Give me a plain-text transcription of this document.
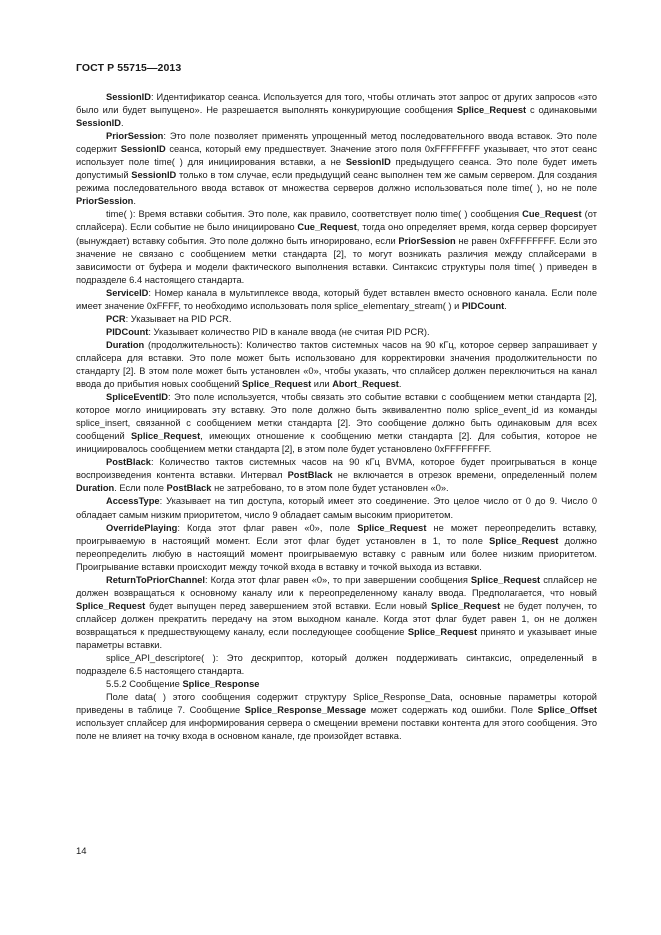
ГОСТ Р 55715—2013

SessionID: Идентификатор сеанса. Используется для того, чтобы отличать этот запрос от других запросов «это было или будет выпущено». Не разрешается выполнять конкурирующие сообщения Splice_Request с одинаковыми SessionID.

PriorSession: Это поле позволяет применять упрощенный метод последовательного ввода вставок. Это поле содержит SessionID сеанса, который ему предшествует. Значение этого поля 0xFFFFFFFF указывает, что этот сеанс использует поле time( ) для инициирования вставки, а не SessionID предыдущего сеанса. Это поле будет иметь допустимый SessionID только в том случае, если предыдущий сеанс выполнен тем же самым сервером. Для создания режима последовательного ввода вставок от множества серверов должно использоваться поле time( ), но не поле PriorSession.

time( ): Время вставки события. Это поле, как правило, соответствует полю time( ) сообщения Cue_Request (от сплайсера). Если событие не было инициировано Cue_Request, тогда оно определяет время, когда сервер форсирует (вынуждает) вставку события. Это поле должно быть игнорировано, если PriorSession не равен 0xFFFFFFFF. Если это значение не связано с сообщением метки стандарта [2], то могут возникать различия между сплайсерами в зависимости от буфера и модели фактического выполнения вставки. Синтаксис структуры поля time( ) приведен в подразделе 6.4 настоящего стандарта.

ServiceID: Номер канала в мультиплексе ввода, который будет вставлен вместо основного канала. Если поле имеет значение 0xFFFF, то необходимо использовать поля splice_elementary_stream( ) и PIDCount.

PCR: Указывает на PID PCR.

PIDCount: Указывает количество PID в канале ввода (не считая PID PCR).

Duration (продолжительность): Количество тактов системных часов на 90 кГц, которое сервер запрашивает у сплайсера для вставки. Это поле может быть использовано для корректировки значения продолжительности по стандарту [2]. В этом поле может быть установлен «0», чтобы указать, что сплайсер должен переключиться на канал ввода до прибытия новых сообщений Splice_Request или Abort_Request.

SpliceEventID: Это поле используется, чтобы связать это событие вставки с сообщением метки стандарта [2], которое могло инициировать эту вставку. Это поле должно быть эквивалентно полю splice_event_id из команды splice_insert, связанной с сообщением метки стандарта [2]. Это сообщение должно быть одинаковым для всех сообщений Splice_Request, имеющих отношение к сообщению метки стандарта [2]. Для события, которое не инициировалось сообщением метки стандарта [2], в этом поле будет установлено 0xFFFFFFFF.

PostBlack: Количество тактов системных часов на 90 кГц BVMA, которое будет проигрываться в конце воспроизведения контента вставки. Интервал PostBlack не включается в отрезок времени, определенный полем Duration. Если поле PostBlack не затребовано, то в этом поле будет установлен «0».

AccessType: Указывает на тип доступа, который имеет это соединение. Это целое число от 0 до 9. Число 0 обладает самым низким приоритетом, число 9 обладает самым высоким приоритетом.

OverridePlaying: Когда этот флаг равен «0», поле Splice_Request не может переопределить вставку, проигрываемую в настоящий момент. Если этот флаг будет установлен в 1, то поле Splice_Request должно переопределить любую в настоящий момент проигрываемую вставку с равным или более низким приоритетом. Проигрывание вставки происходит между точкой входа в вставку и точкой выхода из вставки.

ReturnToPriorChannel: Когда этот флаг равен «0», то при завершении сообщения Splice_Request сплайсер не должен возвращаться к основному каналу или к переопределенному каналу ввода. Предполагается, что новый Splice_Request будет выпущен перед завершением этой вставки. Если новый Splice_Request не будет получен, то сплайсер должен прекратить передачу на этом выходном канале. Когда этот флаг будет равен 1, он не должен возвращаться к предшествующему каналу, если последующее сообщение Splice_Request принято и указывает иные параметры вставки.

splice_API_descriptore( ): Это дескриптор, который должен поддерживать синтаксис, определенный в подразделе 6.5 настоящего стандарта.

5.5.2 Сообщение Splice_Response

Поле data( ) этого сообщения содержит структуру Splice_Response_Data, основные параметры которой приведены в таблице 7. Сообщение Splice_Response_Message может содержать код ошибки. Поле Splice_Offset использует сплайсер для информирования сервера о смещении времени поставки контента для этого сообщения. Это поле не влияет на точку входа в основном канале, где произойдет вставка.

14
